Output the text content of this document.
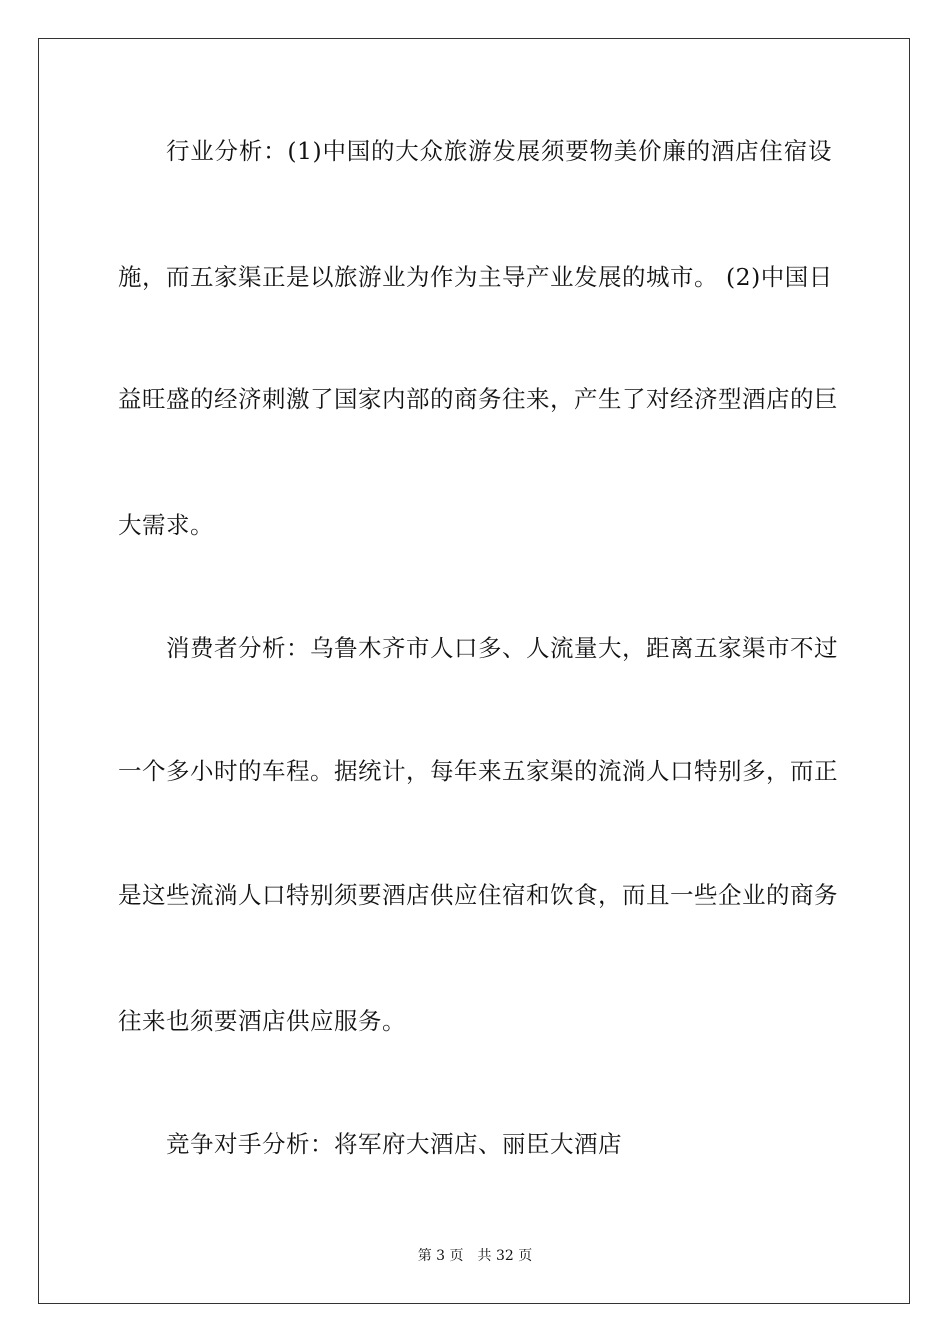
行业分析：(1)中国的大众旅游发展须要物美价廉的酒店住宿设
施，而五家渠正是以旅游业为作为主导产业发展的城市。 (2)中国日
益旺盛的经济刺激了国家内部的商务往来，产生了对经济型酒店的巨
大需求。
消费者分析：乌鲁木齐市人口多、人流量大，距离五家渠市不过
一个多小时的车程。据统计，每年来五家渠的流淌人口特别多，而正
是这些流淌人口特别须要酒店供应住宿和饮食，而且一些企业的商务
往来也须要酒店供应服务。
竞争对手分析：将军府大酒店、丽臣大酒店
第 3 页 共 32 页
